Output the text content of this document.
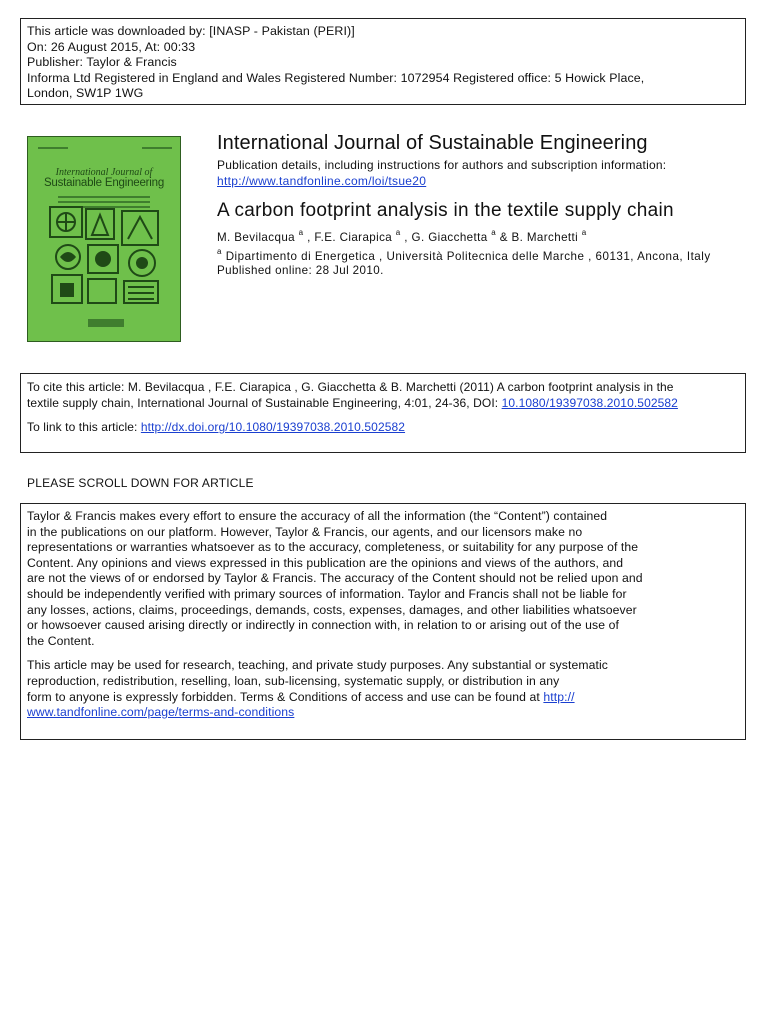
This article was downloaded by: [INASP - Pakistan (PERI)]
On: 26 August 2015, At: 00:33
Publisher: Taylor & Francis
Informa Ltd Registered in England and Wales Registered Number: 1072954 Registered office: 5 Howick Place,
London, SW1P 1WG
International Journal of
Sustainable Engineering
International Journal of Sustainable Engineering
Publication details, including instructions for authors and subscription information:
http://www.tandfonline.com/loi/tsue20
A carbon footprint analysis in the textile supply chain
M. Bevilacqua $^a$ , F.E. Ciarapica $^a$ , G. Giacchetta $^a$ & B. Marchetti $^a$
$^a$ Dipartimento di Energetica , Università Politecnica delle Marche , 60131, Ancona, Italy
Published online: 28 Jul 2010.
To cite this article: M. Bevilacqua , F.E. Ciarapica , G. Giacchetta & B. Marchetti (2011) A carbon footprint analysis in the
textile supply chain, International Journal of Sustainable Engineering, 4:01, 24-36, DOI: 10.1080/19397038.2010.502582
To link to this article: http://dx.doi.org/10.1080/19397038.2010.502582
PLEASE SCROLL DOWN FOR ARTICLE
Taylor & Francis makes every effort to ensure the accuracy of all the information (the “Content”) contained
in the publications on our platform. However, Taylor & Francis, our agents, and our licensors make no
representations or warranties whatsoever as to the accuracy, completeness, or suitability for any purpose of the
Content. Any opinions and views expressed in this publication are the opinions and views of the authors, and
are not the views of or endorsed by Taylor & Francis. The accuracy of the Content should not be relied upon and
should be independently verified with primary sources of information. Taylor and Francis shall not be liable for
any losses, actions, claims, proceedings, demands, costs, expenses, damages, and other liabilities whatsoever
or howsoever caused arising directly or indirectly in connection with, in relation to or arising out of the use of
the Content.
This article may be used for research, teaching, and private study purposes. Any substantial or systematic
reproduction, redistribution, reselling, loan, sub-licensing, systematic supply, or distribution in any
form to anyone is expressly forbidden. Terms & Conditions of access and use can be found at http://
www.tandfonline.com/page/terms-and-conditions
